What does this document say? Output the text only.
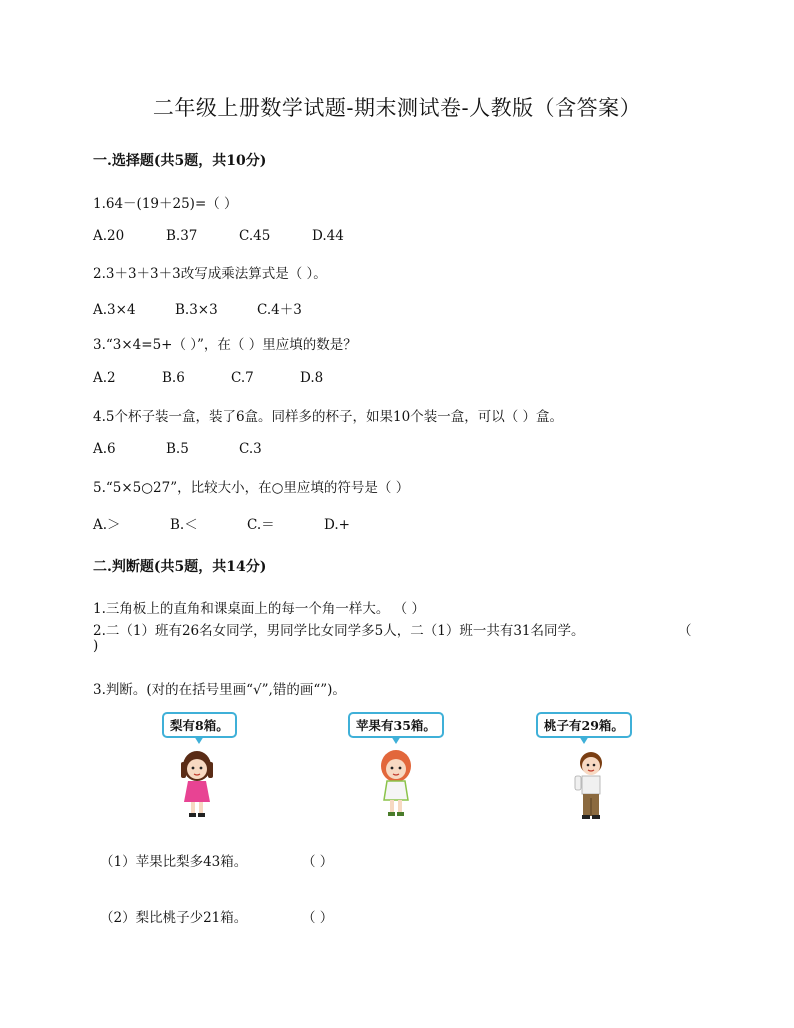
二年级上册数学试题-期末测试卷-人教版（含答案）
一.选择题(共5题，共10分)
1.64－(19＋25)=（ ）
A.20	B.37	C.45	D.44
2.3＋3＋3＋3改写成乘法算式是（ ）。
A.3×4	B.3×3	C.4＋3
3.“3×4=5+（ ）”，在（ ）里应填的数是？
A.2	B.6	C.7	D.8
4.5个杯子装一盒，装了6盒。同样多的杯子，如果10个装一盒，可以（ ）盒。
A.6	B.5	C.3
5.“5×5○27”，比较大小，在○里应填的符号是（ ）
A.＞	B.＜	C.＝	D.+
二.判断题(共5题，共14分)
1.三角板上的直角和课桌面上的每一个角一样大。 （ ）
2.二（1）班有26名女同学，男同学比女同学多5人，二（1）班一共有31名同学。	（
)
3.判断。(对的在括号里画“√”,错的画“”)。
梨有8箱。	苹果有35箱。	桃子有29箱。
（1）苹果比梨多43箱。	（ ）
（2）梨比桃子少21箱。	（ ）
